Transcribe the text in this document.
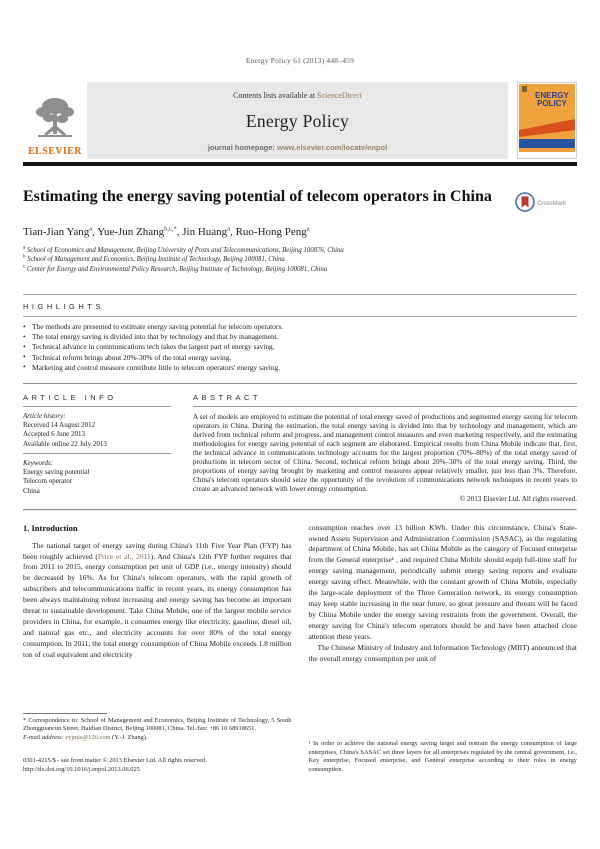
Energy Policy 61 (2013) 448–459
ELSEVIER
Contents lists available at ScienceDirect
Energy Policy
journal homepage: www.elsevier.com/locate/enpol
ENERGY
POLICY
Estimating the energy saving potential of telecom operators in China	CrossMark
Tian-Jian Yang$^a$, Yue-Jun Zhang$^{b,c,*}$, Jin Huang$^a$, Ruo-Hong Peng$^a$
$^a$ School of Economics and Management, Beijing University of Posts and Telecommunications, Beijing 100876, China
$^b$ School of Management and Economics, Beijing Institute of Technology, Beijing 100081, China
$^c$ Center for Energy and Environmental Policy Research, Beijing Institute of Technology, Beijing 100081, China
HIGHLIGHTS
• The methods are presented to estimate energy saving potential for telecom operators.
• The total energy saving is divided into that by technology and that by management.
• Technical advance in communications tech takes the largest part of energy saving.
• Technical reform brings about 20%-30% of the total energy saving.
• Marketing and control measure contribute little to telecom operators' energy saving.
ARTICLE INFO
Article history:
Received 14 August 2012
Accepted 6 June 2013
Available online 22 July 2013
Keywords:
Energy saving potential
Telecom operator
China
ABSTRACT
A set of models are employed to estimate the potential of total energy saved of productions and segmented energy saving for telecom operators in China. During the estimation, the total energy saving is divided into that by technology and management, which are derived from technical reform and progress, and management control measures and even marketing respectively, and the estimating methodologies for energy saving potential of each segment are elaborated. Empirical results from China Mobile indicate that, first, the technical advance in communications technology accounts for the largest proportion (70%–80%) of the total energy saved of productions in telecom sector of China. Second, technical reform brings about 20%–30% of the total energy saving. Third, the proportions of energy saving brought by marketing and control measures appear relatively smaller, just less than 3%. Therefore, China's telecom operators should seize the opportunity of the revolution of communications network techniques in recent years to create an advanced network with lower energy consumption.
© 2013 Elsevier Ltd. All rights reserved.
1. Introduction
The national target of energy saving during China's 11th Five Year Plan (FYP) has been roughly achieved (Price et al., 2011). And China's 12th FYP further requires that from 2011 to 2015, energy consumption per unit of GDP (i.e., energy intensity) should be decreased by 16%. As for China's telecom operators, with the rapid growth of subscribers and telecommunications traffic in recent years, its energy consumption has been always maintaining robust increasing and energy saving has become an important threat to sustainable development. Take China Mobile, one of the largest mobile service providers in China, for example, it consumes energy like electricity, gasoline, diesel oil, and natural gas etc., and electricity accounts for over 80% of the total energy consumption. In 2011, the total energy consumption of China Mobile exceeds 1.8 million ton of coal equivalent and electricity
* Correspondence to: School of Management and Economics, Beijing Institute of Technology, 5 South Zhongguancun Street, Haidian District, Beijing 100081, China. Tel./fax: +86 10 68918651.
E-mail address: zyjmis@126.com (Y.-J. Zhang).
0301-4215/$ - see front matter © 2013 Elsevier Ltd. All rights reserved.
http://dx.doi.org/10.1016/j.enpol.2013.06.025
consumption reaches over 13 billion KWh. Under this circumstance, China's State-owned Assets Supervision and Administration Commission (SASAC), as the regulating department of China Mobile, has set China Mobile as the category of Focused enterprise from the General enterprise¹ , and required China Mobile should equip full-time staff for energy saving management, periodically submit energy saving reports and evaluate energy saving effect. Meanwhile, with the constant growth of China Mobile, especially the large-scale deployment of the Three Generation network, its energy consumption may keep stable increasing in the near future, so great pressure and threats will be faced by China Mobile under the energy saving restraints from the government. Overall, the energy saving for China's telecom operators should be and have been attached close attention these years.
The Chinese Ministry of Industry and Information Technology (MIIT) announced that the overall energy consumption per unit of
¹ In order to achieve the national energy saving target and restrain the energy consumption of large enterprises, China's SASAC set three layers for all enterprises regulated by the central government, i.e., Key enterprise, Focused enterprise, and General enterprise according to their roles in energy consumption.
